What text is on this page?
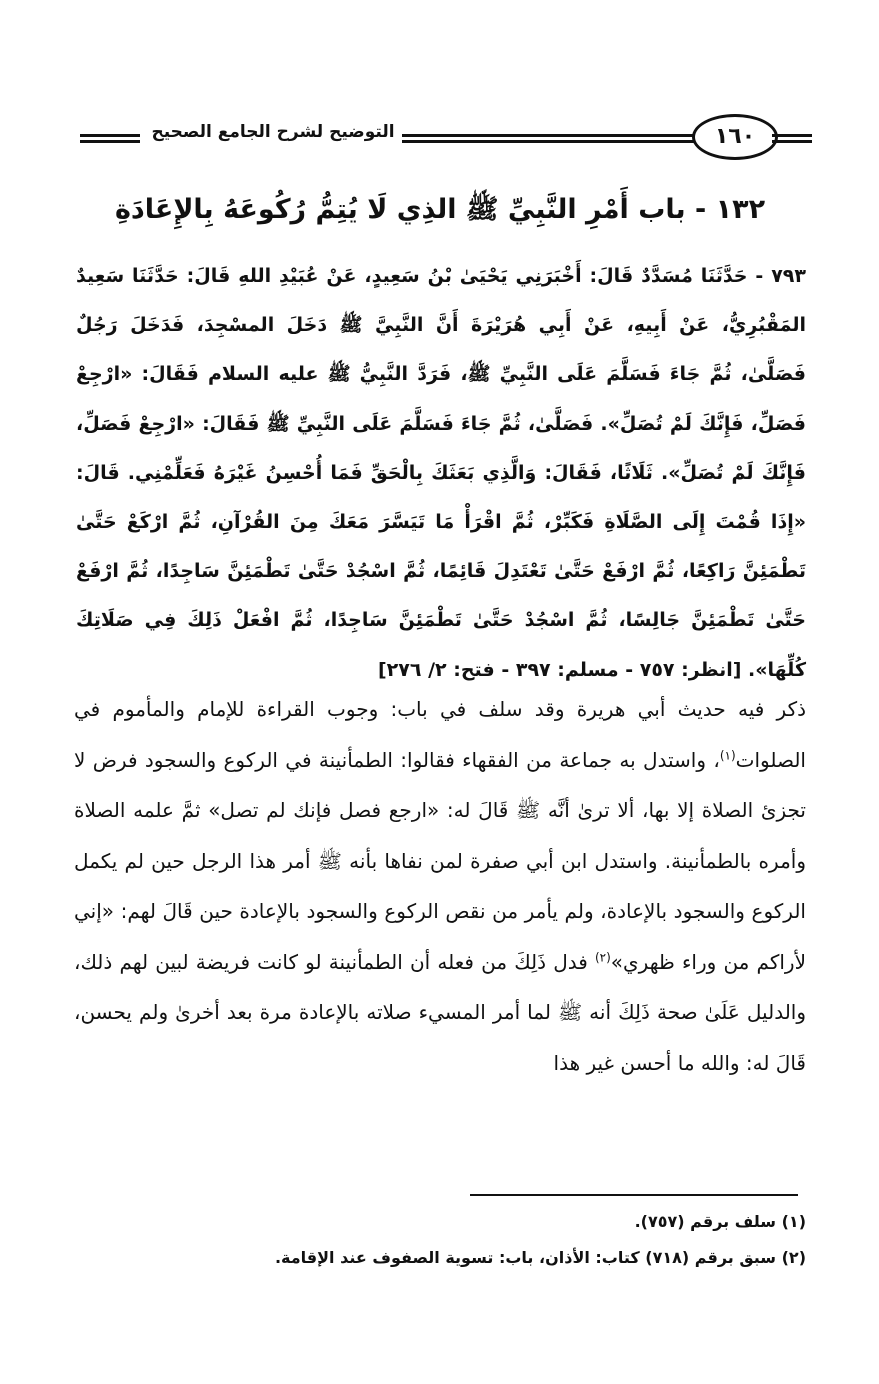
التوضيح لشرح الجامع الصحيح	١٦٠
١٣٢ - باب أَمْرِ النَّبِيِّ ﷺ الذِي لَا يُتِمُّ رُكُوعَهُ بِالإِعَادَةِ

٧٩٣ - حَدَّثَنَا مُسَدَّدٌ قَالَ: أَخْبَرَنِي يَحْيَىٰ بْنُ سَعِيدٍ، عَنْ عُبَيْدِ اللهِ قَالَ: حَدَّثَنَا سَعِيدٌ المَقْبُرِيُّ، عَنْ أَبِيهِ، عَنْ أَبِي هُرَيْرَةَ أَنَّ النَّبِيَّ ﷺ دَخَلَ المسْجِدَ، فَدَخَلَ رَجُلٌ فَصَلَّىٰ، ثُمَّ جَاءَ فَسَلَّمَ عَلَى النَّبِيِّ ﷺ، فَرَدَّ النَّبِيُّ ﷺ عليه السلام فَقَالَ: «ارْجِعْ فَصَلِّ، فَإِنَّكَ لَمْ تُصَلِّ». فَصَلَّىٰ، ثُمَّ جَاءَ فَسَلَّمَ عَلَى النَّبِيِّ ﷺ فَقَالَ: «ارْجِعْ فَصَلِّ، فَإِنَّكَ لَمْ تُصَلِّ». ثَلَاثًا، فَقَالَ: وَالَّذِي بَعَثَكَ بِالْحَقِّ فَمَا أُحْسِنُ غَيْرَهُ فَعَلِّمْنِي. قَالَ: «إِذَا قُمْتَ إِلَى الصَّلَاةِ فَكَبِّرْ، ثُمَّ اقْرَأْ مَا تَيَسَّرَ مَعَكَ مِنَ القُرْآنِ، ثُمَّ ارْكَعْ حَتَّىٰ تَطْمَئِنَّ رَاكِعًا، ثُمَّ ارْفَعْ حَتَّىٰ تَعْتَدِلَ قَائِمًا، ثُمَّ اسْجُدْ حَتَّىٰ تَطْمَئِنَّ سَاجِدًا، ثُمَّ ارْفَعْ حَتَّىٰ تَطْمَئِنَّ جَالِسًا، ثُمَّ اسْجُدْ حَتَّىٰ تَطْمَئِنَّ سَاجِدًا، ثُمَّ افْعَلْ ذَلِكَ فِي صَلَاتِكَ كُلِّهَا». [انظر: ٧٥٧ - مسلم: ٣٩٧ - فتح: ٢/ ٢٧٦]

ذكر فيه حديث أبي هريرة وقد سلف في باب: وجوب القراءة للإمام والمأموم في الصلوات$^{(١)}$، واستدل به جماعة من الفقهاء فقالوا: الطمأنينة في الركوع والسجود فرض لا تجزئ الصلاة إلا بها، ألا ترىٰ أنَّه ﷺ قَالَ له: «ارجع فصل فإنك لم تصل» ثمَّ علمه الصلاة وأمره بالطمأنينة. واستدل ابن أبي صفرة لمن نفاها بأنه ﷺ أمر هذا الرجل حين لم يكمل الركوع والسجود بالإعادة، ولم يأمر من نقص الركوع والسجود بالإعادة حين قَالَ لهم: «إني لأراكم من وراء ظهري»$^{(٢)}$ فدل ذَلِكَ من فعله أن الطمأنينة لو كانت فريضة لبين لهم ذلك، والدليل عَلَىٰ صحة ذَلِكَ أنه ﷺ لما أمر المسيء صلاته بالإعادة مرة بعد أخرىٰ ولم يحسن، قَالَ له: والله ما أحسن غير هذا

(١) سلف برقم (٧٥٧).
(٢) سبق برقم (٧١٨) كتاب: الأذان، باب: تسوية الصفوف عند الإقامة.
